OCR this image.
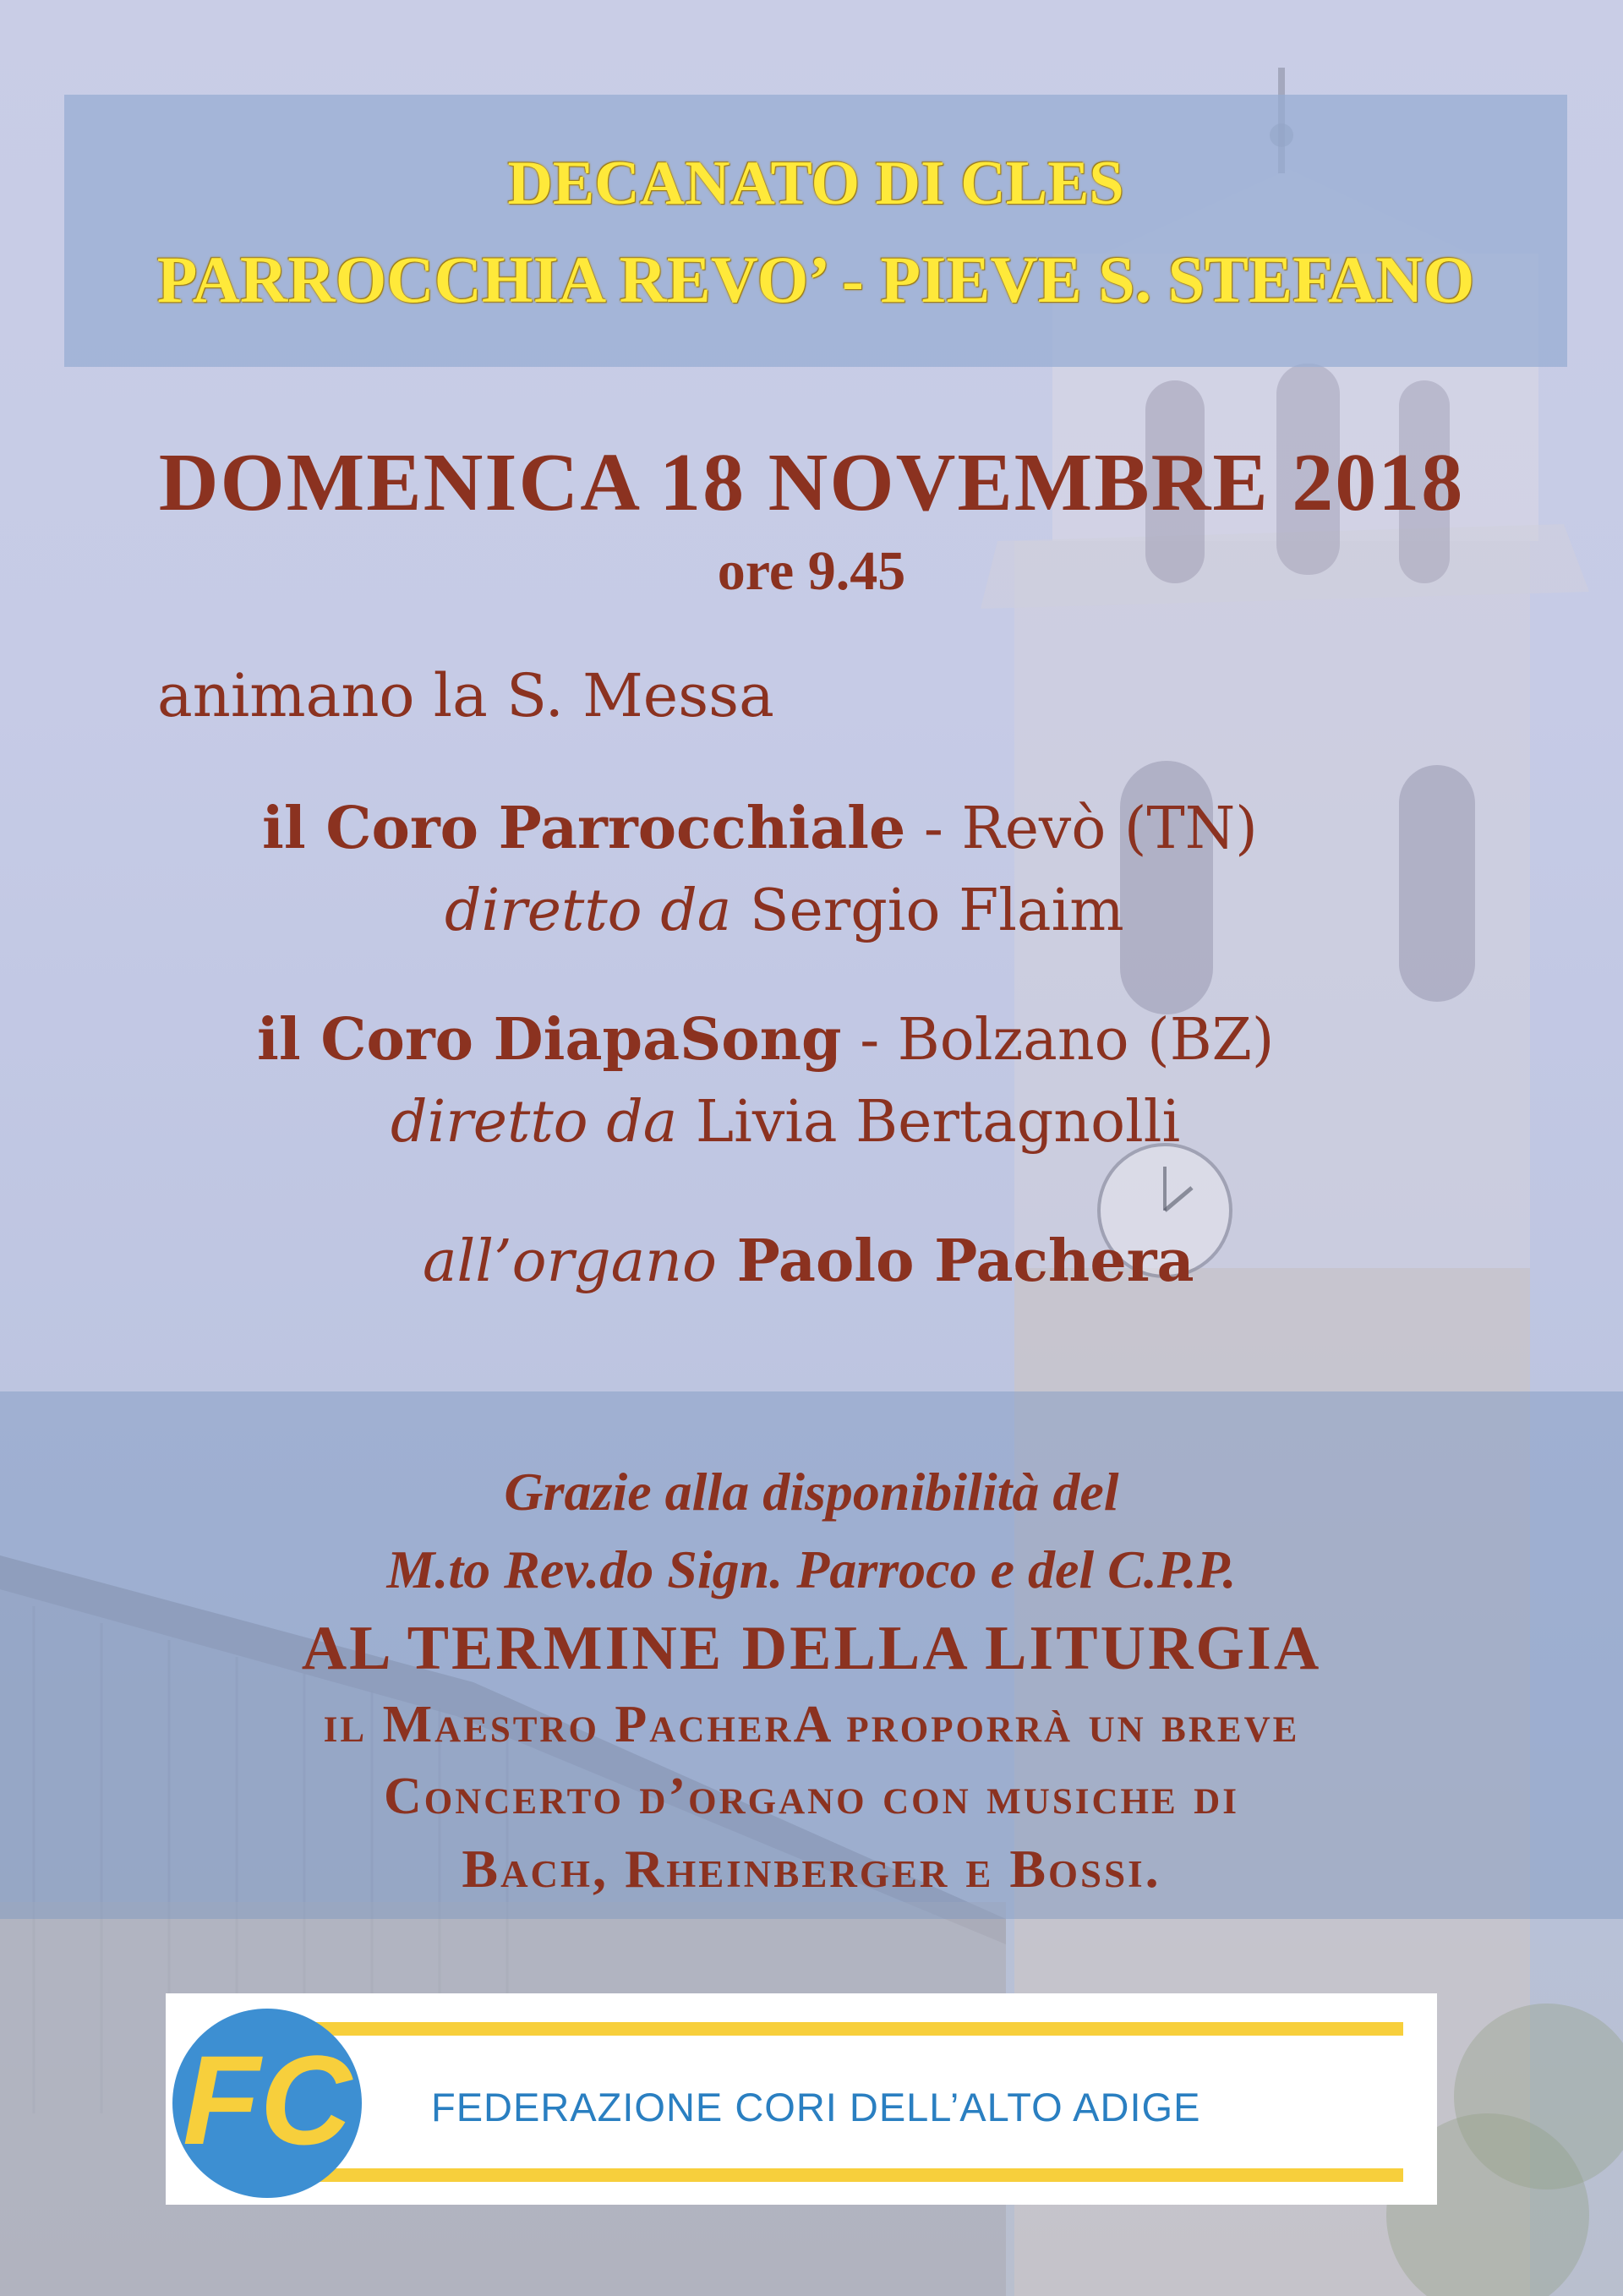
DECANATO DI CLES
PARROCCHIA REVO’ - PIEVE S. STEFANO
DOMENICA 18 NOVEMBRE 2018
ore 9.45
animano la S. Messa
il Coro Parrocchiale - Revò (TN)
diretto da Sergio Flaim
il Coro DiapaSong - Bolzano (BZ)
diretto da Livia Bertagnolli
all’organo Paolo Pachera
Grazie alla disponibilità del
M.to Rev.do Sign. Parroco e del C.P.P.
AL TERMINE DELLA LITURGIA
il Maestro PacherA proporrà un breve
Concerto d’organo con musiche di
Bach, Rheinberger e Bossi.
FC FEDERAZIONE CORI DELL’ALTO ADIGE
